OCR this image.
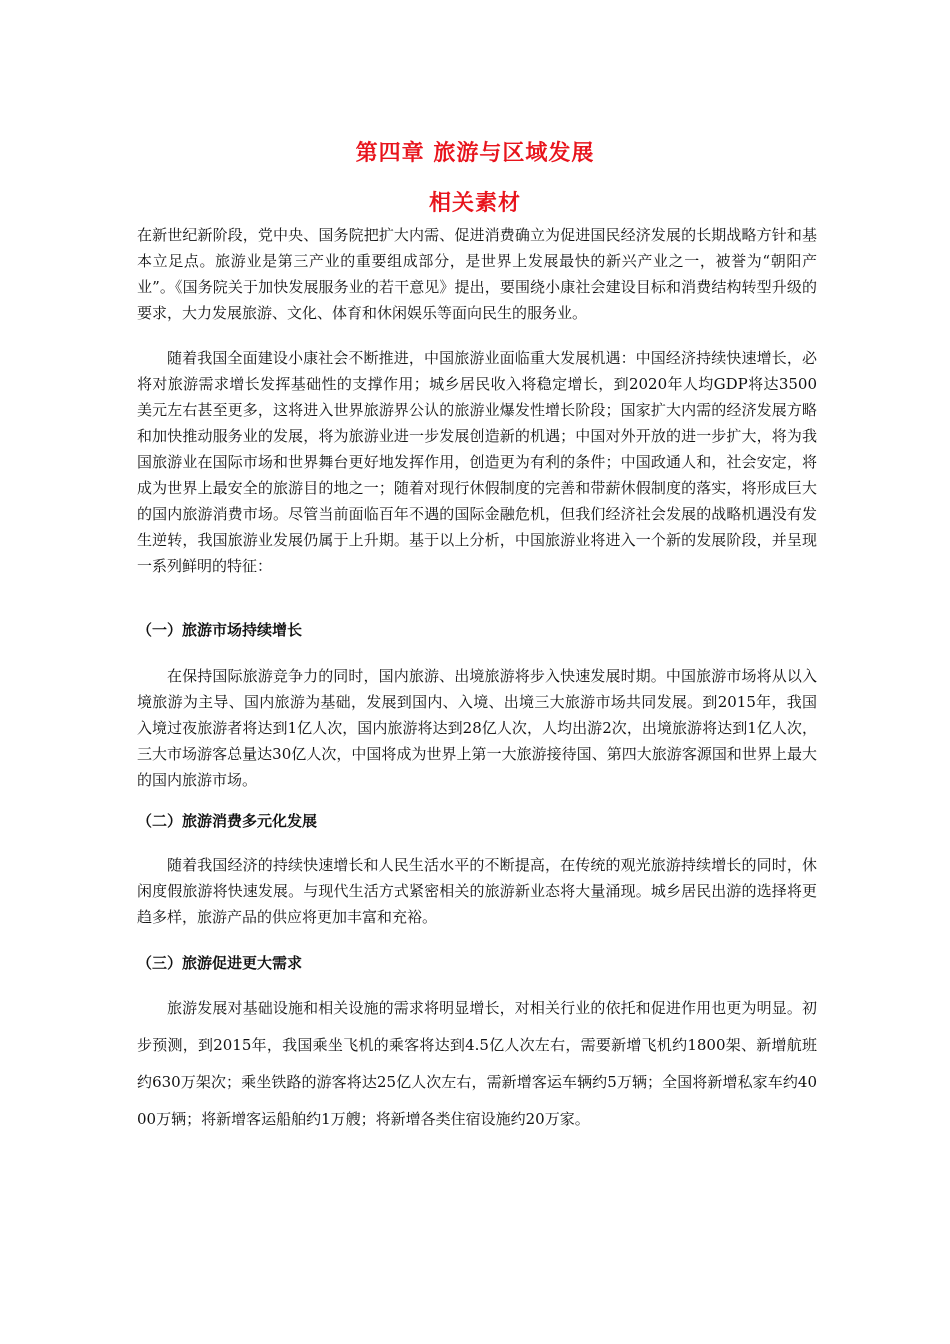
第四章 旅游与区域发展
相关素材

在新世纪新阶段，党中央、国务院把扩大内需、促进消费确立为促进国民经济发展的长期战略方针和基本立足点。旅游业是第三产业的重要组成部分，是世界上发展最快的新兴产业之一，被誉为“朝阳产业”。《国务院关于加快发展服务业的若干意见》提出，要围绕小康社会建设目标和消费结构转型升级的要求，大力发展旅游、文化、体育和休闲娱乐等面向民生的服务业。

随着我国全面建设小康社会不断推进，中国旅游业面临重大发展机遇：中国经济持续快速增长，必将对旅游需求增长发挥基础性的支撑作用；城乡居民收入将稳定增长，到2020年人均GDP将达3500美元左右甚至更多，这将进入世界旅游界公认的旅游业爆发性增长阶段；国家扩大内需的经济发展方略和加快推动服务业的发展，将为旅游业进一步发展创造新的机遇；中国对外开放的进一步扩大，将为我国旅游业在国际市场和世界舞台更好地发挥作用，创造更为有利的条件；中国政通人和，社会安定，将成为世界上最安全的旅游目的地之一；随着对现行休假制度的完善和带薪休假制度的落实，将形成巨大的国内旅游消费市场。尽管当前面临百年不遇的国际金融危机，但我们经济社会发展的战略机遇没有发生逆转，我国旅游业发展仍属于上升期。基于以上分析，中国旅游业将进入一个新的发展阶段，并呈现一系列鲜明的特征：

（一）旅游市场持续增长

在保持国际旅游竞争力的同时，国内旅游、出境旅游将步入快速发展时期。中国旅游市场将从以入境旅游为主导、国内旅游为基础，发展到国内、入境、出境三大旅游市场共同发展。到2015年，我国入境过夜旅游者将达到1亿人次，国内旅游将达到28亿人次，人均出游2次，出境旅游将达到1亿人次，三大市场游客总量达30亿人次，中国将成为世界上第一大旅游接待国、第四大旅游客源国和世界上最大的国内旅游市场。

（二）旅游消费多元化发展

随着我国经济的持续快速增长和人民生活水平的不断提高，在传统的观光旅游持续增长的同时，休闲度假旅游将快速发展。与现代生活方式紧密相关的旅游新业态将大量涌现。城乡居民出游的选择将更趋多样，旅游产品的供应将更加丰富和充裕。

（三）旅游促进更大需求

旅游发展对基础设施和相关设施的需求将明显增长，对相关行业的依托和促进作用也更为明显。初步预测，到2015年，我国乘坐飞机的乘客将达到4.5亿人次左右，需要新增飞机约1800架、新增航班约630万架次；乘坐铁路的游客将达25亿人次左右，需新增客运车辆约5万辆；全国将新增私家车约4000万辆；将新增客运船舶约1万艘；将新增各类住宿设施约20万家。
